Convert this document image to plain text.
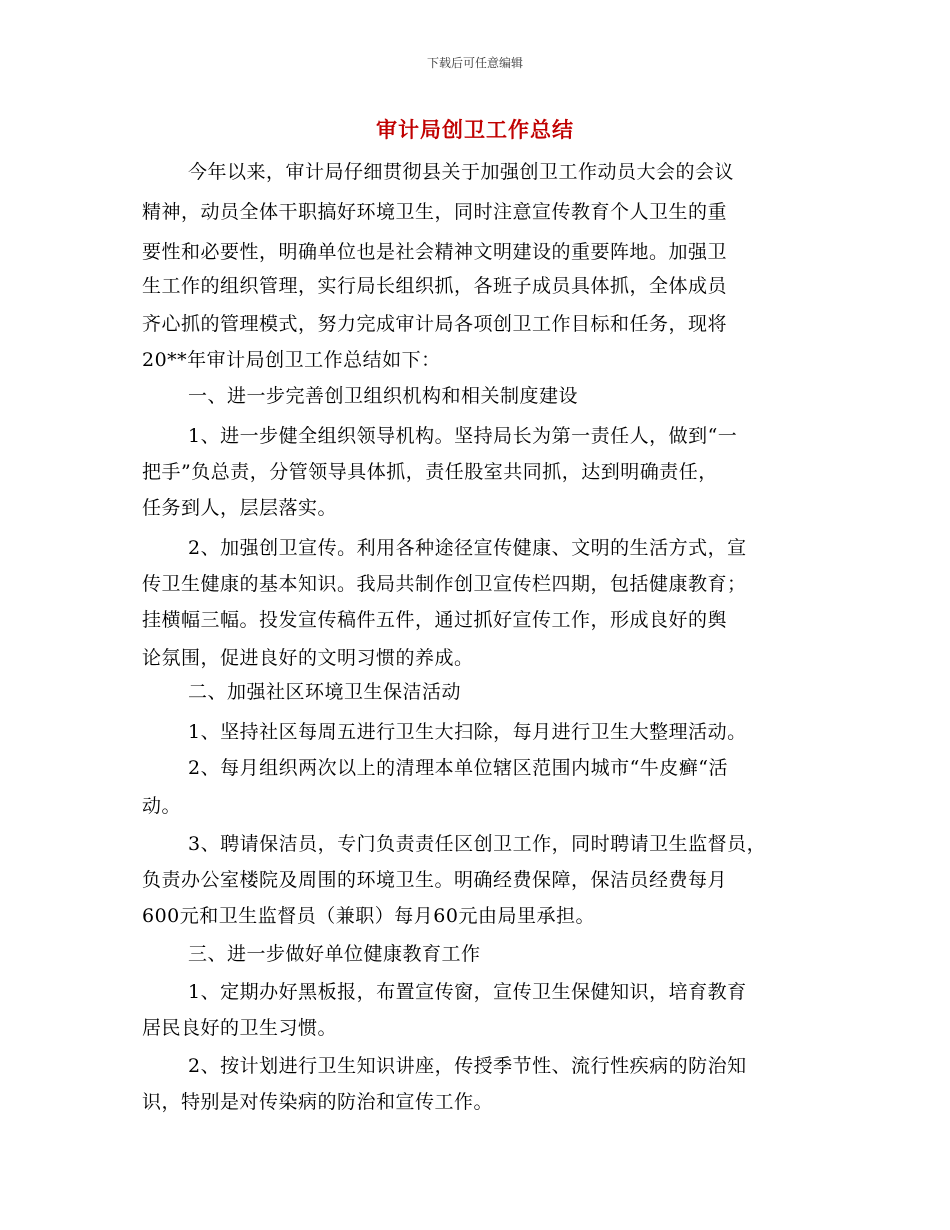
下载后可任意编辑
审计局创卫工作总结
今年以来，审计局仔细贯彻县关于加强创卫工作动员大会的会议
精神，动员全体干职搞好环境卫生，同时注意宣传教育个人卫生的重
要性和必要性，明确单位也是社会精神文明建设的重要阵地。加强卫
生工作的组织管理，实行局长组织抓，各班子成员具体抓，全体成员
齐心抓的管理模式，努力完成审计局各项创卫工作目标和任务，现将
20**年审计局创卫工作总结如下：
一、进一步完善创卫组织机构和相关制度建设
1、进一步健全组织领导机构。坚持局长为第一责任人，做到“一
把手”负总责，分管领导具体抓，责任股室共同抓，达到明确责任，
任务到人，层层落实。
2、加强创卫宣传。利用各种途径宣传健康、文明的生活方式，宣
传卫生健康的基本知识。我局共制作创卫宣传栏四期，包括健康教育；
挂横幅三幅。投发宣传稿件五件，通过抓好宣传工作，形成良好的舆
论氛围，促进良好的文明习惯的养成。
二、加强社区环境卫生保洁活动
1、坚持社区每周五进行卫生大扫除，每月进行卫生大整理活动。
2、每月组织两次以上的清理本单位辖区范围内城市“牛皮癣“活
动。
3、聘请保洁员，专门负责责任区创卫工作，同时聘请卫生监督员，
负责办公室楼院及周围的环境卫生。明确经费保障，保洁员经费每月
600元和卫生监督员（兼职）每月60元由局里承担。
三、进一步做好单位健康教育工作
1、定期办好黑板报，布置宣传窗，宣传卫生保健知识，培育教育
居民良好的卫生习惯。
2、按计划进行卫生知识讲座，传授季节性、流行性疾病的防治知
识，特别是对传染病的防治和宣传工作。
